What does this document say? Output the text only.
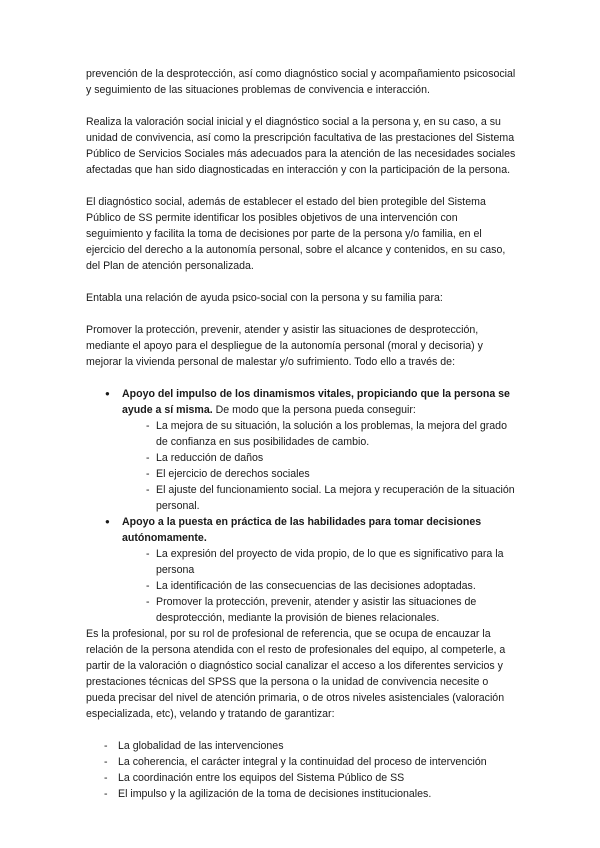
prevención de la desprotección, así como diagnóstico social y acompañamiento psicosocial y seguimiento de las situaciones problemas de convivencia e interacción.

Realiza la valoración social inicial y el diagnóstico social a la persona y, en su caso, a su unidad de convivencia, así como la prescripción facultativa de las prestaciones del Sistema Público de Servicios Sociales más adecuados para la atención de las necesidades sociales afectadas que han sido diagnosticadas en interacción y con la participación de la persona.

El diagnóstico social, además de establecer el estado del bien protegible del Sistema Público de SS permite identificar los posibles objetivos de una intervención con seguimiento y facilita la toma de decisiones por parte de la persona y/o familia, en el ejercicio del derecho a la autonomía personal, sobre el alcance y contenidos, en su caso, del Plan de atención personalizada.

Entabla una relación de ayuda psico-social con la persona y su familia para:

Promover la protección, prevenir, atender y asistir las situaciones de desprotección, mediante el apoyo para el despliegue de la autonomía personal (moral y decisoria) y mejorar la vivienda personal de malestar y/o sufrimiento. Todo ello a través de:

● Apoyo del impulso de los dinamismos vitales, propiciando que la persona se ayude a sí misma. De modo que la persona pueda conseguir:
- La mejora de su situación, la solución a los problemas, la mejora del grado de confianza en sus posibilidades de cambio.
- La reducción de daños
- El ejercicio de derechos sociales
- El ajuste del funcionamiento social. La mejora y recuperación de la situación personal.
● Apoyo a la puesta en práctica de las habilidades para tomar decisiones autónomamente.
- La expresión del proyecto de vida propio, de lo que es significativo para la persona
- La identificación de las consecuencias de las decisiones adoptadas.
- Promover la protección, prevenir, atender y asistir las situaciones de desprotección, mediante la provisión de bienes relacionales.

Es la profesional, por su rol de profesional de referencia, que se ocupa de encauzar la relación de la persona atendida con el resto de profesionales del equipo, al competerle, a partir de la valoración o diagnóstico social canalizar el acceso a los diferentes servicios y prestaciones técnicas del SPSS que la persona o la unidad de convivencia necesite o pueda precisar del nivel de atención primaria, o de otros niveles asistenciales (valoración especializada, etc), velando y tratando de garantizar:

- La globalidad de las intervenciones
- La coherencia, el carácter integral y la continuidad del proceso de intervención
- La coordinación entre los equipos del Sistema Público de SS
- El impulso y la agilización de la toma de decisiones institucionales.
